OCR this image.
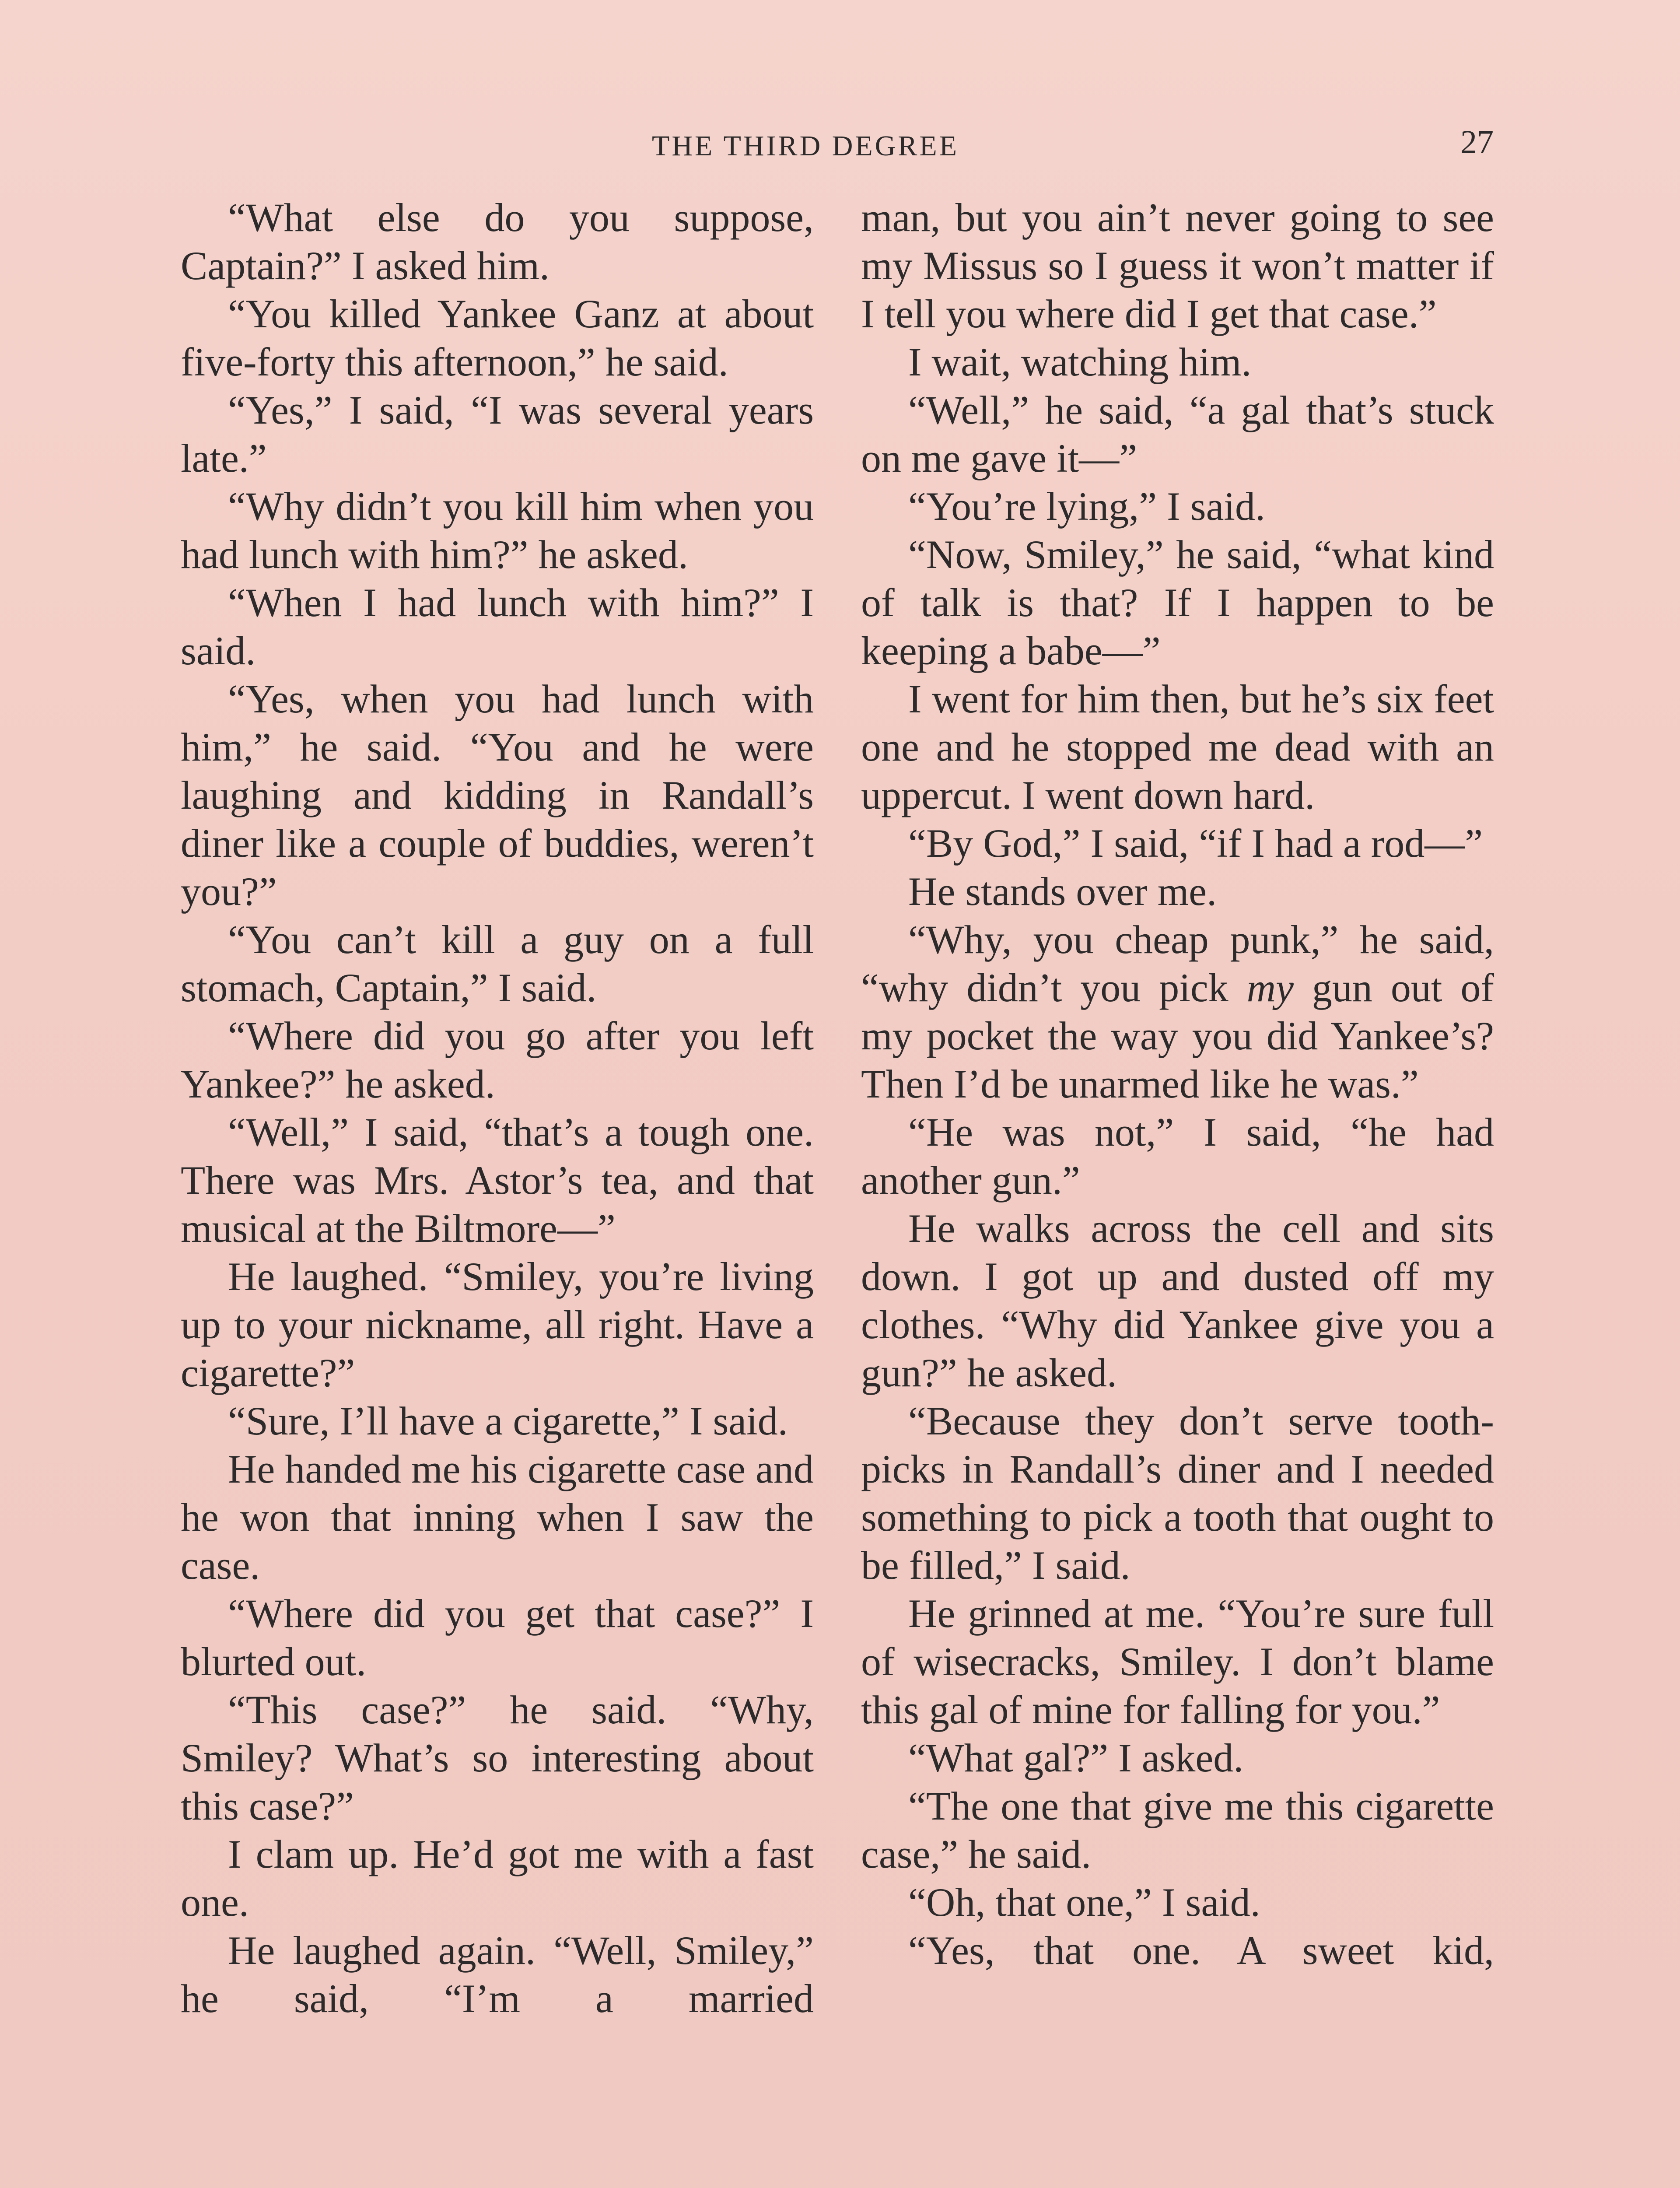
THE THIRD DEGREE	27

“What else do you suppose, Captain?” I asked him.

“You killed Yankee Ganz at about five-forty this afternoon,” he said.

“Yes,” I said, “I was several years late.”

“Why didn’t you kill him when you had lunch with him?” he asked.

“When I had lunch with him?” I said.

“Yes, when you had lunch with him,” he said. “You and he were laughing and kidding in Randall’s diner like a couple of buddies, weren’t you?”

“You can’t kill a guy on a full stomach, Captain,” I said.

“Where did you go after you left Yankee?” he asked.

“Well,” I said, “that’s a tough one. There was Mrs. Astor’s tea, and that musical at the Biltmore—”

He laughed. “Smiley, you’re living up to your nickname, all right. Have a cigarette?”

“Sure, I’ll have a cigarette,” I said.

He handed me his cigarette case and he won that inning when I saw the case.

“Where did you get that case?” I blurted out.

“This case?” he said. “Why, Smiley? What’s so interesting about this case?”

I clam up. He’d got me with a fast one.

He laughed again. “Well, Smiley,” he said, “I’m a married

man, but you ain’t never going to see my Missus so I guess it won’t matter if I tell you where did I get that case.”

I wait, watching him.

“Well,” he said, “a gal that’s stuck on me gave it—”

“You’re lying,” I said.

“Now, Smiley,” he said, “what kind of talk is that? If I happen to be keeping a babe—”

I went for him then, but he’s six feet one and he stopped me dead with an uppercut. I went down hard.

“By God,” I said, “if I had a rod—”

He stands over me.

“Why, you cheap punk,” he said, “why didn’t you pick my gun out of my pocket the way you did Yankee’s? Then I’d be unarmed like he was.”

“He was not,” I said, “he had another gun.”

He walks across the cell and sits down. I got up and dusted off my clothes. “Why did Yankee give you a gun?” he asked.

“Because they don’t serve toothpicks in Randall’s diner and I needed something to pick a tooth that ought to be filled,” I said.

He grinned at me. “You’re sure full of wisecracks, Smiley. I don’t blame this gal of mine for falling for you.”

“What gal?” I asked.

“The one that give me this cigarette case,” he said.

“Oh, that one,” I said.

“Yes, that one. A sweet kid,
